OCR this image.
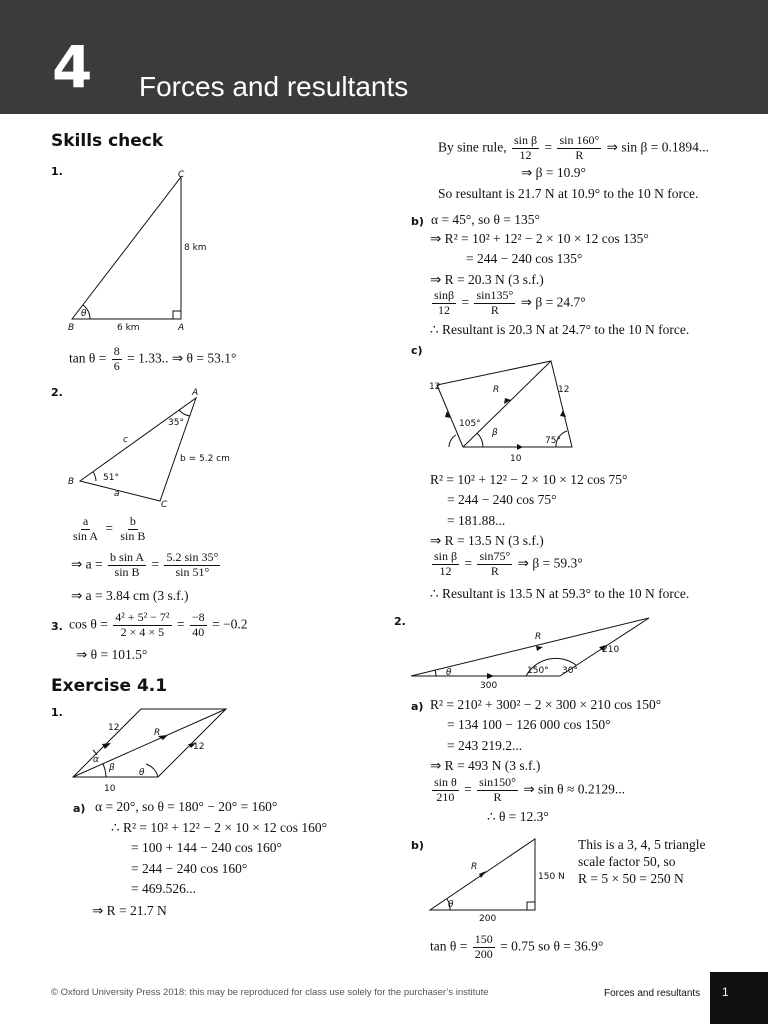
4 Forces and resultants
Skills check
1.	C
B	A
8 km
6 km
θ
$\tan \theta = \frac{8}{6} = 1.33$.. ⇒ θ = 53.1°
2.	A
B
C
c
a
b = 5.2 cm
35°
51°
$\frac{a}{\text{sin A}} = \frac{b}{\text{sin B}}$
⇒ $a = \frac{\text{b sin A}}{\text{sin B}} = \frac{5.2 \sin 35^\circ}{\sin 51^\circ}$
⇒ a = 3.84 cm (3 s.f.)
3. $\cos \theta = \frac{\text{4² + 5² − 7²}}{2 \times 4 \times 5} = \frac{-8}{40} = -0.2$
⇒ θ = 101.5°
Exercise 4.1
1.
12	R
12
10
α
β	θ
a) α = 20°, so θ = 180° − 20° = 160°
∴ R² = 10² + 12² − 2 × 10 × 12 cos 160°
= 100 + 144 − 240 cos 160°
= 244 − 240 cos 160°
= 469.526...
⇒ R = 21.7 N
By sine rule, $\frac{\text{sin β}}{12} = \frac{\sin 160^\circ}{R}$ ⇒ sin β = 0.1894...
⇒ β = 10.9°
So resultant is 21.7 N at 10.9° to the 10 N force.
b) α = 45°, so θ = 135°
⇒ R² = 10² + 12² − 2 × 10 × 12 cos 135°
= 244 − 240 cos 135°
⇒ R = 20.3 N (3 s.f.)
$\frac{\sin\beta}{12} = \frac{\sin 135^\circ}{R}$ ⇒ β = 24.7°
∴ Resultant is 20.3 N at 24.7° to the 10 N force.
c)
12	R	12
105°
β
75°
10
R² = 10² + 12² − 2 × 10 × 12 cos 75°
= 244 − 240 cos 75°
= 181.88...
⇒ R = 13.5 N (3 s.f.)
$\frac{\text{sin β}}{12} = \frac{\sin 75^\circ}{R}$ ⇒ β = 59.3°
∴ Resultant is 13.5 N at 59.3° to the 10 N force.
2.
R
210
θ	150° 30°
300
a) R² = 210² + 300² − 2 × 300 × 210 cos 150°
= 134 100 − 126 000 cos 150°
= 243 219.2...
⇒ R = 493 N (3 s.f.)
$\frac{\text{sin θ}}{210} = \frac{\sin 150^\circ}{R}$ ⇒ sin θ ≈ 0.2129...
∴ θ = 12.3°
b)
R
150 N
θ
200
This is a 3, 4, 5 triangle
scale factor 50, so
R = 5 × 50 = 250 N
$\tan \theta = \frac{150}{200} = 0.75$ so θ = 36.9°
© Oxford University Press 2018: this may be reproduced for class use solely for the purchaser’s institute	Forces and resultants 1
